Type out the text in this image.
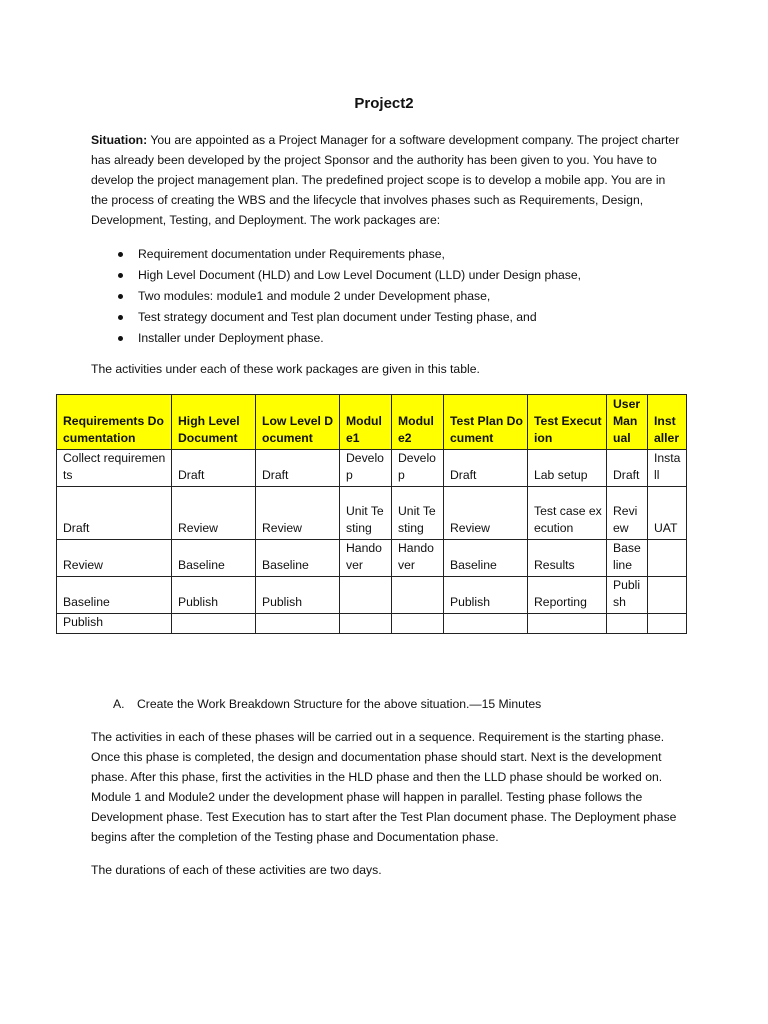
Project2

Situation: You are appointed as a Project Manager for a software development company. The project charter has already been developed by the project Sponsor and the authority has been given to you. You have to develop the project management plan. The predefined project scope is to develop a mobile app. You are in the process of creating the WBS and the lifecycle that involves phases such as Requirements, Design, Development, Testing, and Deployment. The work packages are:

Requirement documentation under Requirements phase,
High Level Document (HLD) and Low Level Document (LLD) under Design phase,
Two modules: module1 and module 2 under Development phase,
Test strategy document and Test plan document under Testing phase, and
Installer under Deployment phase.

The activities under each of these work packages are given in this table.

Requirements Documentation	High Level Document	Low Level Document	Module1	Module2	Test Plan Document	Test Execution	User Manual	Installer
Collect requirements	Draft	Draft	Develop	Develop	Draft	Lab setup	Draft	Install
Draft	Review	Review	Unit Testing	Unit Testing	Review	Test case execution	Review	UAT
Review	Baseline	Baseline	Handover	Handover	Baseline	Results	Baseline	
Baseline	Publish	Publish			Publish	Reporting	Publish	
Publish								
A. Create the Work Breakdown Structure for the above situation.—15 Minutes

The activities in each of these phases will be carried out in a sequence. Requirement is the starting phase. Once this phase is completed, the design and documentation phase should start. Next is the development phase. After this phase, first the activities in the HLD phase and then the LLD phase should be worked on. Module 1 and Module2 under the development phase will happen in parallel. Testing phase follows the Development phase. Test Execution has to start after the Test Plan document phase. The Deployment phase begins after the completion of the Testing phase and Documentation phase.

The durations of each of these activities are two days.
